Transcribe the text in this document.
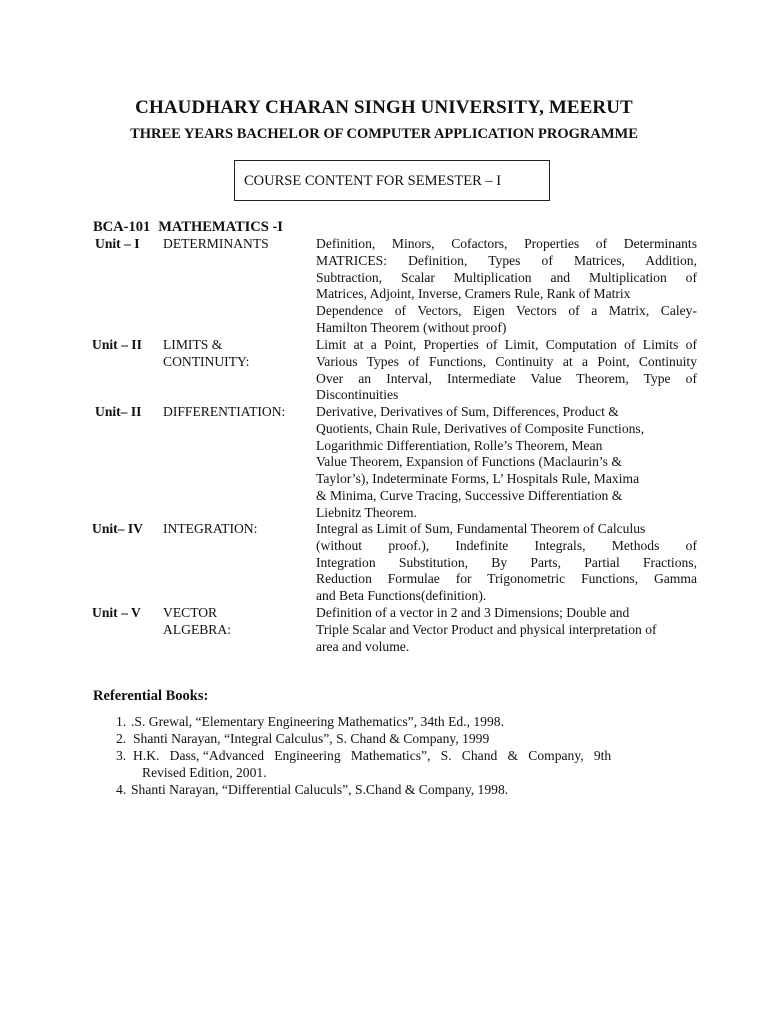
CHAUDHARY CHARAN SINGH UNIVERSITY, MEERUT
THREE YEARS BACHELOR OF COMPUTER APPLICATION PROGRAMME
COURSE CONTENT FOR SEMESTER – I
BCA-101 MATHEMATICS -I
Unit – I DETERMINANTS	Definition, Minors, Cofactors, Properties of Determinants
MATRICES: Definition, Types of Matrices, Addition,
Subtraction, Scalar Multiplication and Multiplication of
Matrices, Adjoint, Inverse, Cramers Rule, Rank of Matrix
Dependence of Vectors, Eigen Vectors of a Matrix, Caley-
Hamilton Theorem (without proof)
Unit – II LIMITS &
CONTINUITY:
Limit at a Point, Properties of Limit, Computation of Limits of
Various Types of Functions, Continuity at a Point, Continuity
Over an Interval, Intermediate Value Theorem, Type of
Discontinuities
Unit– II DIFFERENTIATION: Derivative, Derivatives of Sum, Differences, Product &
Quotients, Chain Rule, Derivatives of Composite Functions,
Logarithmic Differentiation, Rolle’s Theorem, Mean
Value Theorem, Expansion of Functions (Maclaurin’s &
Taylor’s), Indeterminate Forms, L’ Hospitals Rule, Maxima
& Minima, Curve Tracing, Successive Differentiation &
Liebnitz Theorem.
Unit– IV INTEGRATION:	Integral as Limit of Sum, Fundamental Theorem of Calculus
(without proof.), Indefinite Integrals, Methods of
Integration Substitution, By Parts, Partial Fractions,
Reduction Formulae for Trigonometric Functions, Gamma
and Beta Functions(definition).
Unit – V VECTOR
ALGEBRA:
Definition of a vector in 2 and 3 Dimensions; Double and
Triple Scalar and Vector Product and physical interpretation of
area and volume.
Referential Books:
1. .S. Grewal, “Elementary Engineering Mathematics”, 34th Ed., 1998.
2. Shanti Narayan, “Integral Calculus”, S. Chand & Company, 1999
3. H.K.   Dass, “Advanced   Engineering   Mathematics”,   S.   Chand   &   Company,   9th
Revised Edition, 2001.
4. Shanti Narayan, “Differential Caluculs”, S.Chand & Company, 1998.
